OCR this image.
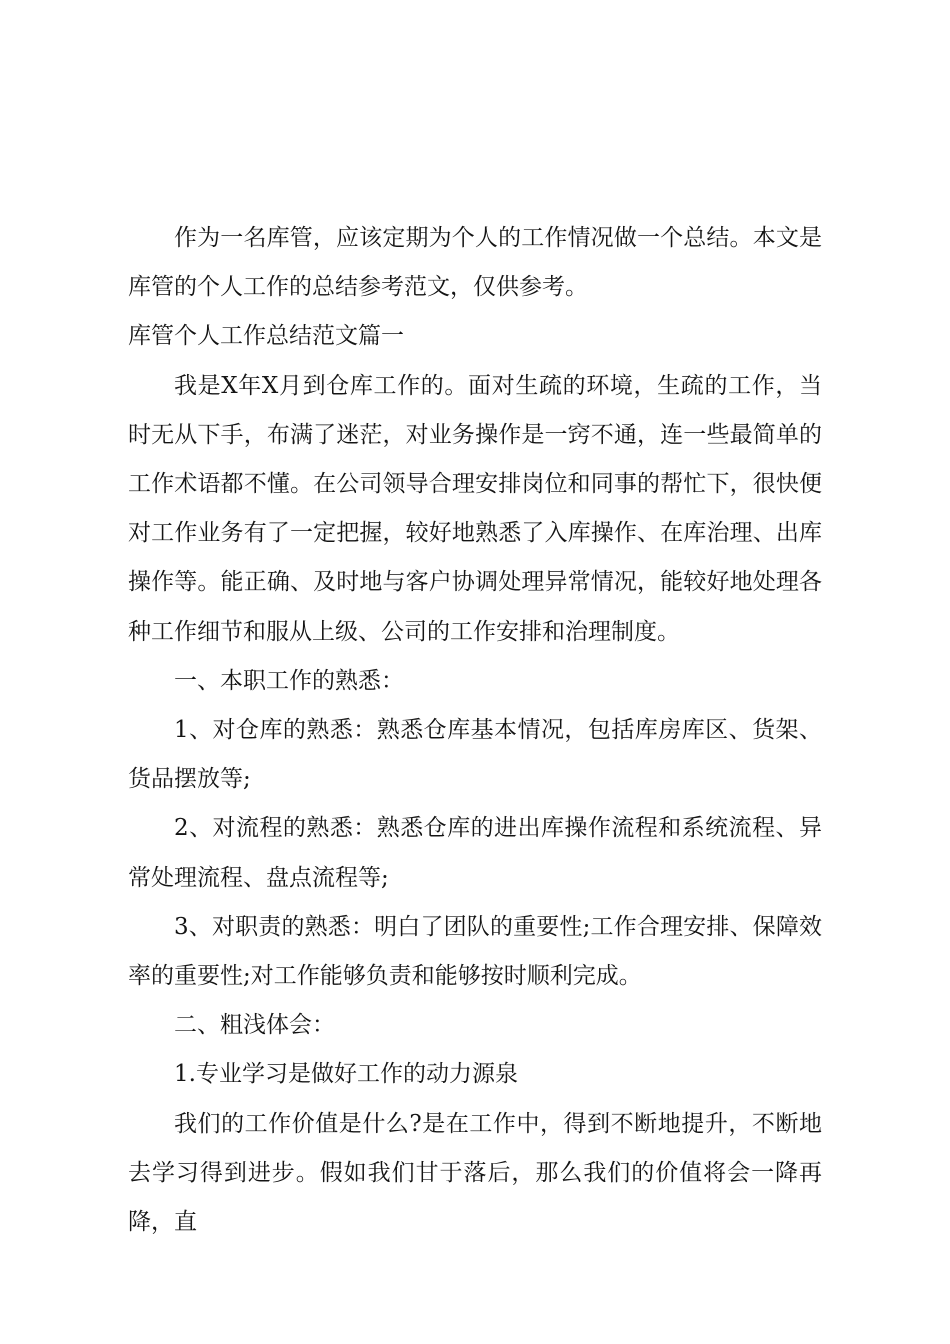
作为一名库管，应该定期为个人的工作情况做一个总结。本文是库管的个人工作的总结参考范文，仅供参考。

库管个人工作总结范文篇一

我是X年X月到仓库工作的。面对生疏的环境，生疏的工作，当时无从下手，布满了迷茫，对业务操作是一窍不通，连一些最简单的工作术语都不懂。在公司领导合理安排岗位和同事的帮忙下，很快便对工作业务有了一定把握，较好地熟悉了入库操作、在库治理、出库操作等。能正确、及时地与客户协调处理异常情况，能较好地处理各种工作细节和服从上级、公司的工作安排和治理制度。

一、本职工作的熟悉：

1、对仓库的熟悉：熟悉仓库基本情况，包括库房库区、货架、货品摆放等;

2、对流程的熟悉：熟悉仓库的进出库操作流程和系统流程、异常处理流程、盘点流程等;

3、对职责的熟悉：明白了团队的重要性;工作合理安排、保障效率的重要性;对工作能够负责和能够按时顺利完成。

二、粗浅体会：

1.专业学习是做好工作的动力源泉

我们的工作价值是什么?是在工作中，得到不断地提升，不断地去学习得到进步。假如我们甘于落后，那么我们的价值将会一降再降，直
